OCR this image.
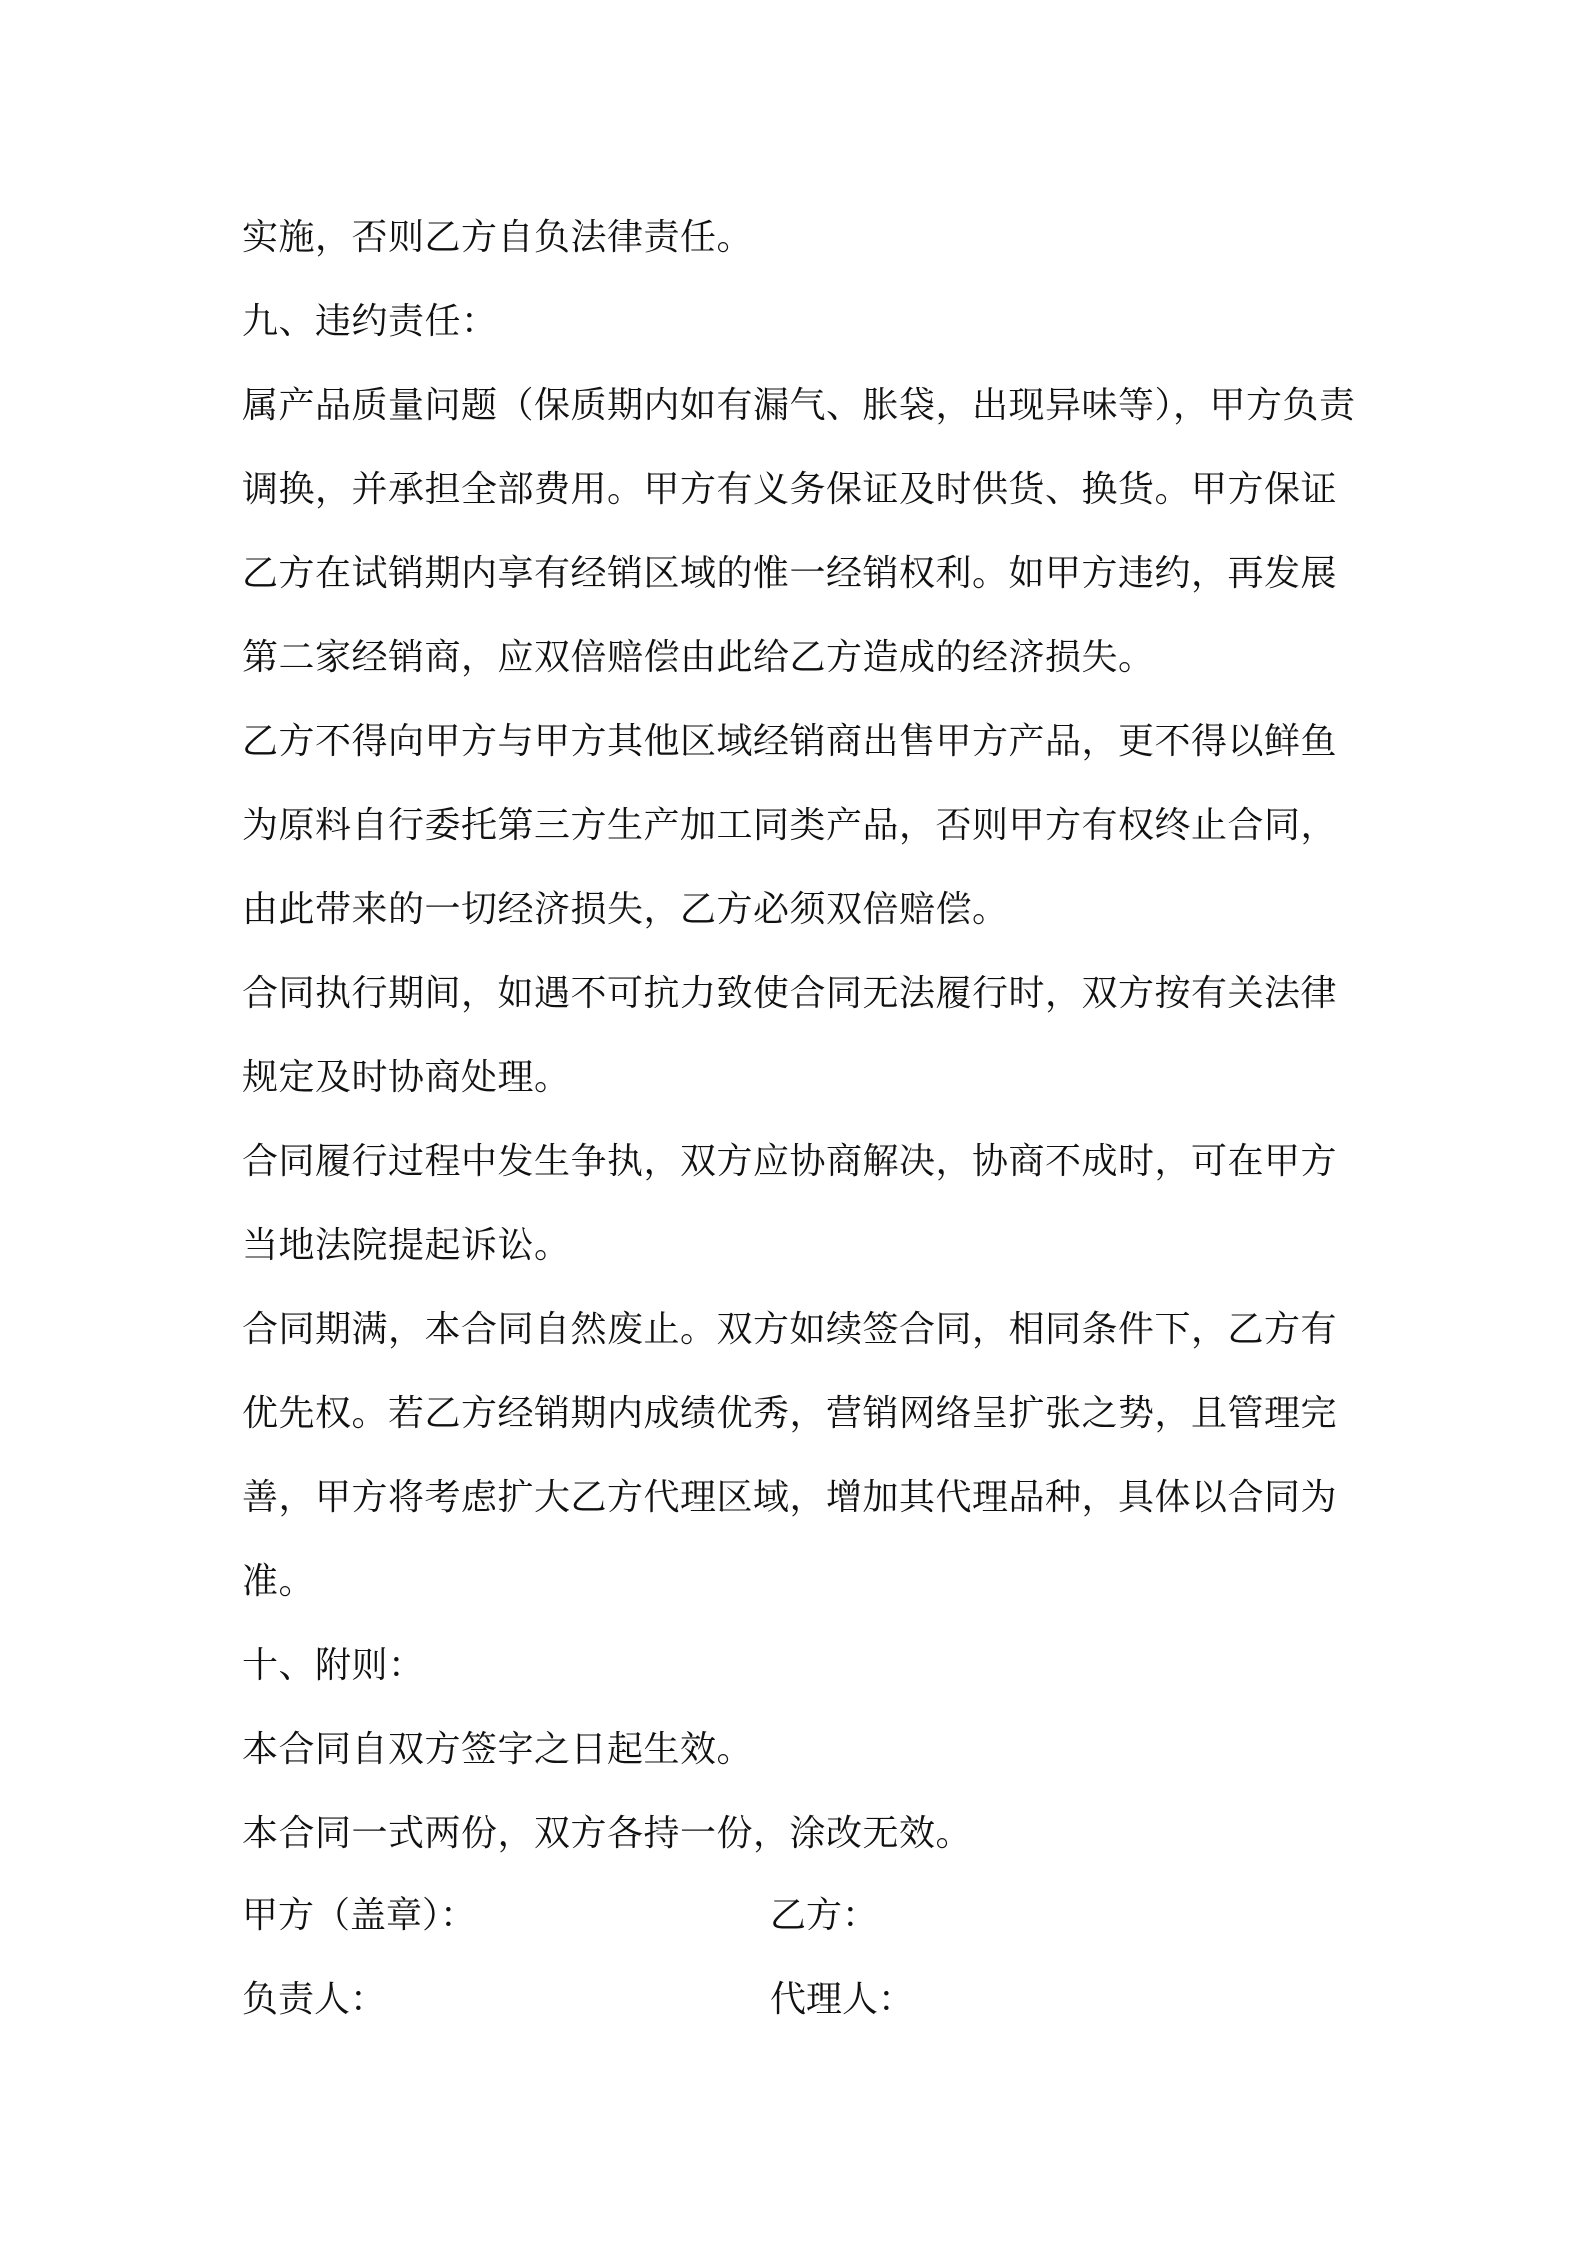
实施，否则乙方自负法律责任。

九、违约责任：

属产品质量问题（保质期内如有漏气、胀袋，出现异味等），甲方负责调换，并承担全部费用。甲方有义务保证及时供货、换货。甲方保证乙方在试销期内享有经销区域的惟一经销权利。如甲方违约，再发展第二家经销商，应双倍赔偿由此给乙方造成的经济损失。

乙方不得向甲方与甲方其他区域经销商出售甲方产品，更不得以鲜鱼为原料自行委托第三方生产加工同类产品，否则甲方有权终止合同，由此带来的一切经济损失，乙方必须双倍赔偿。

合同执行期间，如遇不可抗力致使合同无法履行时，双方按有关法律规定及时协商处理。

合同履行过程中发生争执，双方应协商解决，协商不成时，可在甲方当地法院提起诉讼。

合同期满，本合同自然废止。双方如续签合同，相同条件下，乙方有优先权。若乙方经销期内成绩优秀，营销网络呈扩张之势，且管理完善，甲方将考虑扩大乙方代理区域，增加其代理品种，具体以合同为准。

十、附则：

本合同自双方签字之日起生效。

本合同一式两份，双方各持一份，涂改无效。

甲方（盖章）：	乙方：
负责人：	代理人：
